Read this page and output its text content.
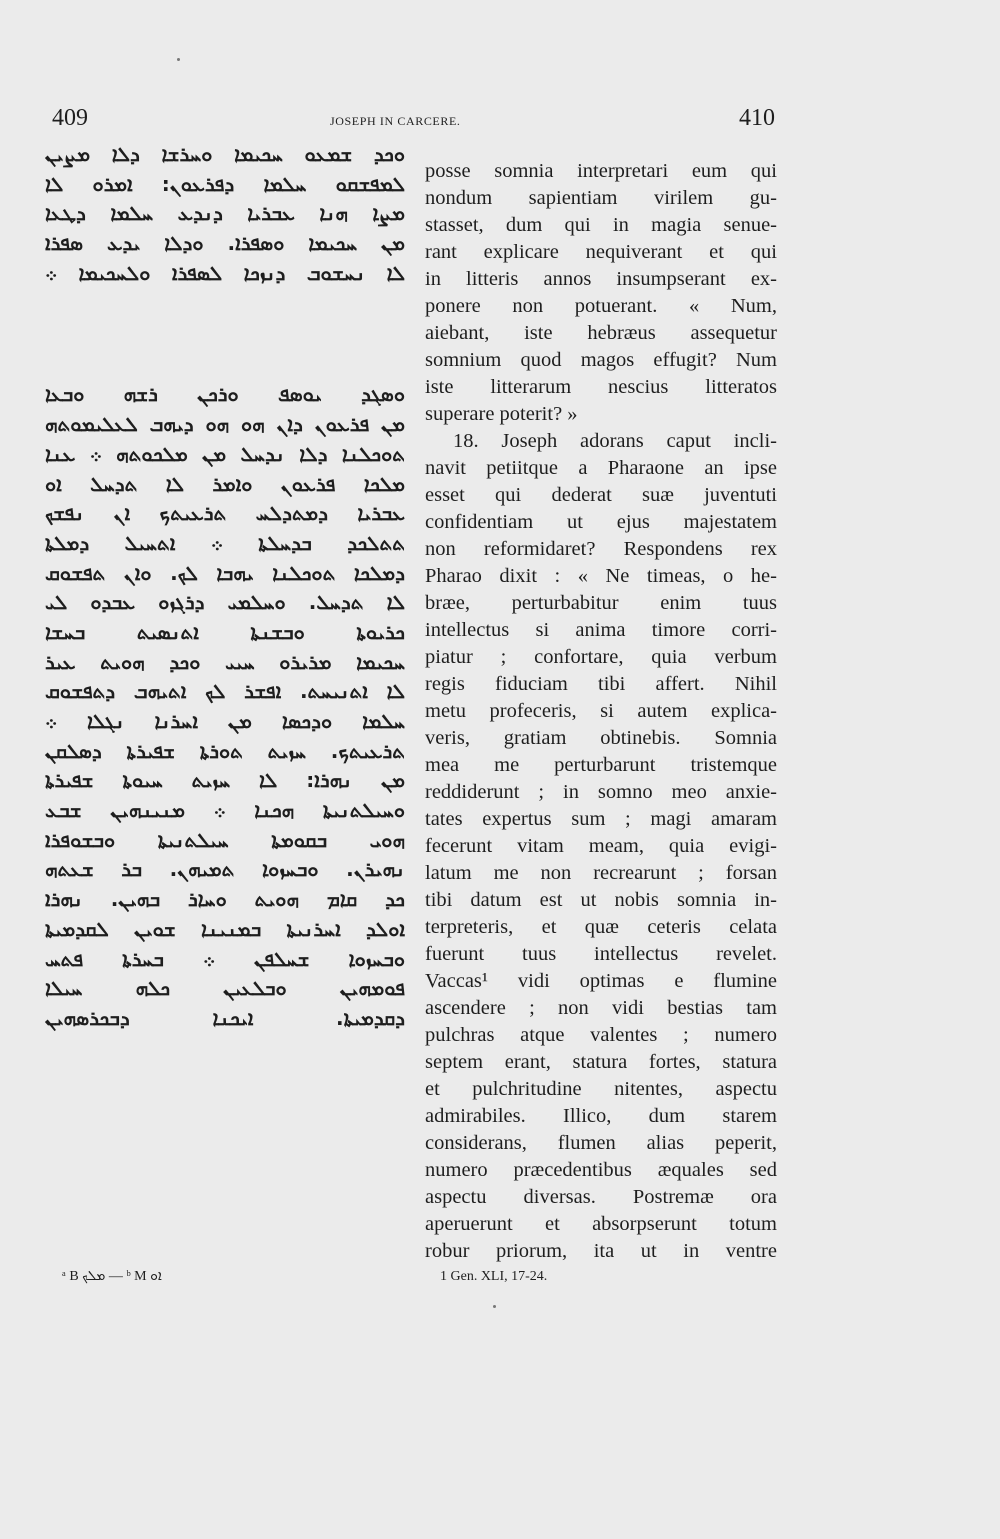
409	JOSEPH IN CARCERE.	410
ܘܟܕ ܫܡܥܘ ܚܟܝܡܐ ܘܚܪܫܐ ܕܠܐ ܡܨܝܢ
ܠܡܦܫܩܘ ܚܠܡܐ ܕܦܪܥܘܢ: ܐܡܪܘ ܠܐ
ܡܨܐ ܗܢܐ ܥܒܪܝܐ ܕܢܕܥ ܚܠܡܐ ܕܛܥܐ
ܡܢ ܚܟܝܡܐ ܘܣܦܪܐ. ܘܕܠܐ ܝܕܥ ܣܦܪܐ
ܠܐ ܢܚܫܘܒ ܕܢܙܟܐ ܠܣܦܪܐ ܘܠܚܟܝܡܐ ܀
ܘܣܓܕ ܝܘܣܦ ܘܪܟܢ ܪܫܗ ܘܒܥܐ
ܡܢ ܦܪܥܘܢ ܕܐܢ ܗܘ ܗܘ ܕܝܗܒ ܠܥܠܝܡܘܬܗ
ܬܘܟܠܢܐ ܕܠܐ ܢܕܚܠ ܡܢ ܡܠܟܘܬܗ ܀ ܥܢܐ
ܡܠܟܐ ܦܪܥܘܢ ܘܐܡܪ ܠܐ ܬܕܚܠ ܐܘ
ܥܒܪܝܐ ܕܡܬܕܠܚ ܬܪܥܝܬܟ ܐܢ ܢܦܫܟ
ܬܬܠܟܕ ܒܕܚܠܬܐ ܀ ܐܬܚܝܠ ܕܡܠܬܐ
ܕܡܠܟܐ ܬܘܟܠܢܐ ܝܗܒܐ ܠܟ. ܘܐܢ ܬܦܫܘܩ
ܠܐ ܬܕܚܠ. ܘܚܠܡܝ ܕܪܓܙܘ ܥܒܕܘ ܠܝ
ܟܪܝܘܬܐ ܘܒܫܢܬܐ ܐܬܢܣܝܬ ܒܚܫܐ
ܚܟܝܡܐ ܡܪܝܪܘ ܚܝܝ ܘܟܕ ܗܘܝܬ ܥܝܪ
ܠܐ ܐܬܢܝܚܬ. ܐܦܫܪ ܠܟ ܐܬܝܗܒ ܕܬܦܫܘܩ
ܚܠܡܐ ܘܕܟܣܐ ܡܢ ܐܚܪܢܐ ܢܓܠܐ ܀
ܬܪܥܝܬܟ. ܚܙܝܬ ܬܘܪܬܐ ܫܦܝܪܬܐ ܕܣܠܩܢ
ܡܢ ܢܗܪܐ: ܠܐ ܚܙܝܬ ܚܝܘܬܐ ܫܦܝܪܬܐ
ܘܚܝܠܬܢܝܬܐ ܗܟܢܐ ܀ ܡܢܝܢܗܝܢ ܫܒܥ
ܗܘܝ ܒܩܘܡܬܐ ܚܝܠܬܢܝܬܐ ܘܒܫܘܦܪܐ
ܢܗܝܪܢ. ܘܒܚܙܘܐ ܬܡܝܗܢ. ܒܪ ܫܥܬܗ
ܟܕ ܩܐܡ ܗܘܝܬ ܘܚܐܪ ܒܗܝܢ. ܢܗܪܐ
ܐܘܠܕ ܐܚܪܢܝܬܐ ܒܡܢܝܢܐ ܫܘܝܢ ܠܩܕܡܝܬܐ
ܘܒܚܙܘܐ ܫܚܠܦܢ ܀ ܒܚܪܬܐ ܦܬܚ
ܦܘܡܗܝܢ ܘܒܠܥܝܢ ܟܠܗ ܚܝܠܐ
ܕܩܕܡܝܬܐ. ܐܝܟܢܐ ܕܒܟܪܣܗܝܢ
posse somnia interpretari eum qui
nondum sapientiam virilem gu-
stasset, dum qui in magia senue-
rant explicare nequiverant et qui
in litteris annos insumpserant ex-
ponere non potuerant. « Num,
aiebant, iste hebræus assequetur
somnium quod magos effugit? Num
iste litterarum nescius litteratos
superare poterit? »
18. Joseph adorans caput incli-
navit petiitque a Pharaone an ipse
esset qui dederat suæ juventuti
confidentiam ut ejus majestatem
non reformidaret? Respondens rex
Pharao dixit : « Ne timeas, o he-
bræe, perturbabitur enim tuus
intellectus si anima timore corri-
piatur ; confortare, quia verbum
regis fiduciam tibi affert. Nihil
metu profeceris, si autem explica-
veris, gratiam obtinebis. Somnia
mea me perturbarunt tristemque
reddiderunt ; in somno meo anxie-
tates expertus sum ; magi amaram
fecerunt vitam meam, quia evigi-
latum me non recrearunt ; forsan
tibi datum est ut nobis somnia in-
terpreteris, et quæ ceteris celata
fuerunt tuus intellectus revelet.
Vaccas¹ vidi optimas e flumine
ascendere ; non vidi bestias tam
pulchras atque valentes ; numero
septem erant, statura fortes, statura
et pulchritudine nitentes, aspectu
admirabiles. Illico, dum starem
considerans, flumen alias peperit,
numero præcedentibus æquales sed
aspectu diversas. Postremæ ora
aperuerunt et absorpserunt totum
robur priorum, ita ut in ventre
ᵃ B ܡܠܟ — ᵇ M ܐܘ	1 Gen. XLI, 17-24.
